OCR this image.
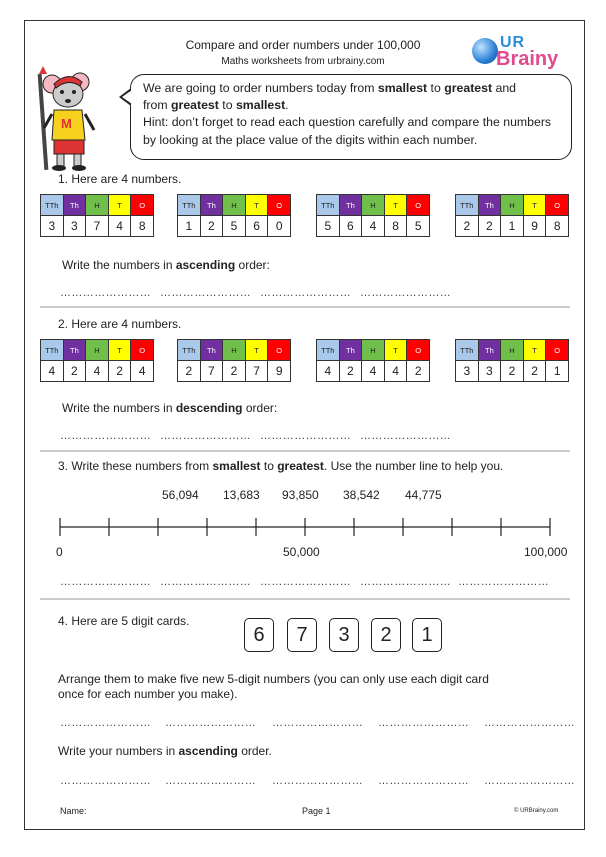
Compare and order numbers under 100,000
Maths worksheets from urbrainy.com
UR
Brainy
M
We are going to order numbers today from smallest to greatest and
from greatest to smallest.
Hint: don’t forget to read each question carefully and compare the numbers by looking at the place value of the digits within each number.
1. Here are 4 numbers.
TTh	Th	H	T	O
3	3	7	4	8
TTh	Th	H	T	O
1	2	5	6	0
TTh	Th	H	T	O
5	6	4	8	5
TTh	Th	H	T	O
2	2	1	9	8
Write the numbers in ascending order:
…………………… …………………… …………………… ……………………
2. Here are 4 numbers.
TTh	Th	H	T	O
4	2	4	2	4
TTh	Th	H	T	O
2	7	2	7	9
TTh	Th	H	T	O
4	2	4	4	2
TTh	Th	H	T	O
3	3	2	2	1
Write the numbers in descending order:
…………………… …………………… …………………… ……………………
3. Write these numbers from smallest to greatest. Use the number line to help you.
56,094 13,683 93,850 38,542 44,775
0	50,000	100,000
…………………… …………………… …………………… …………………… ……………………
4. Here are 5 digit cards.
6	7	3	2	1
Arrange them to make five new 5-digit numbers (you can only use each digit card
once for each number you make).
…………………… …………………… …………………… …………………… ……………………
Write your numbers in ascending order.
…………………… …………………… …………………… …………………… ……………………
Name:	Page 1	© URBrainy.com
